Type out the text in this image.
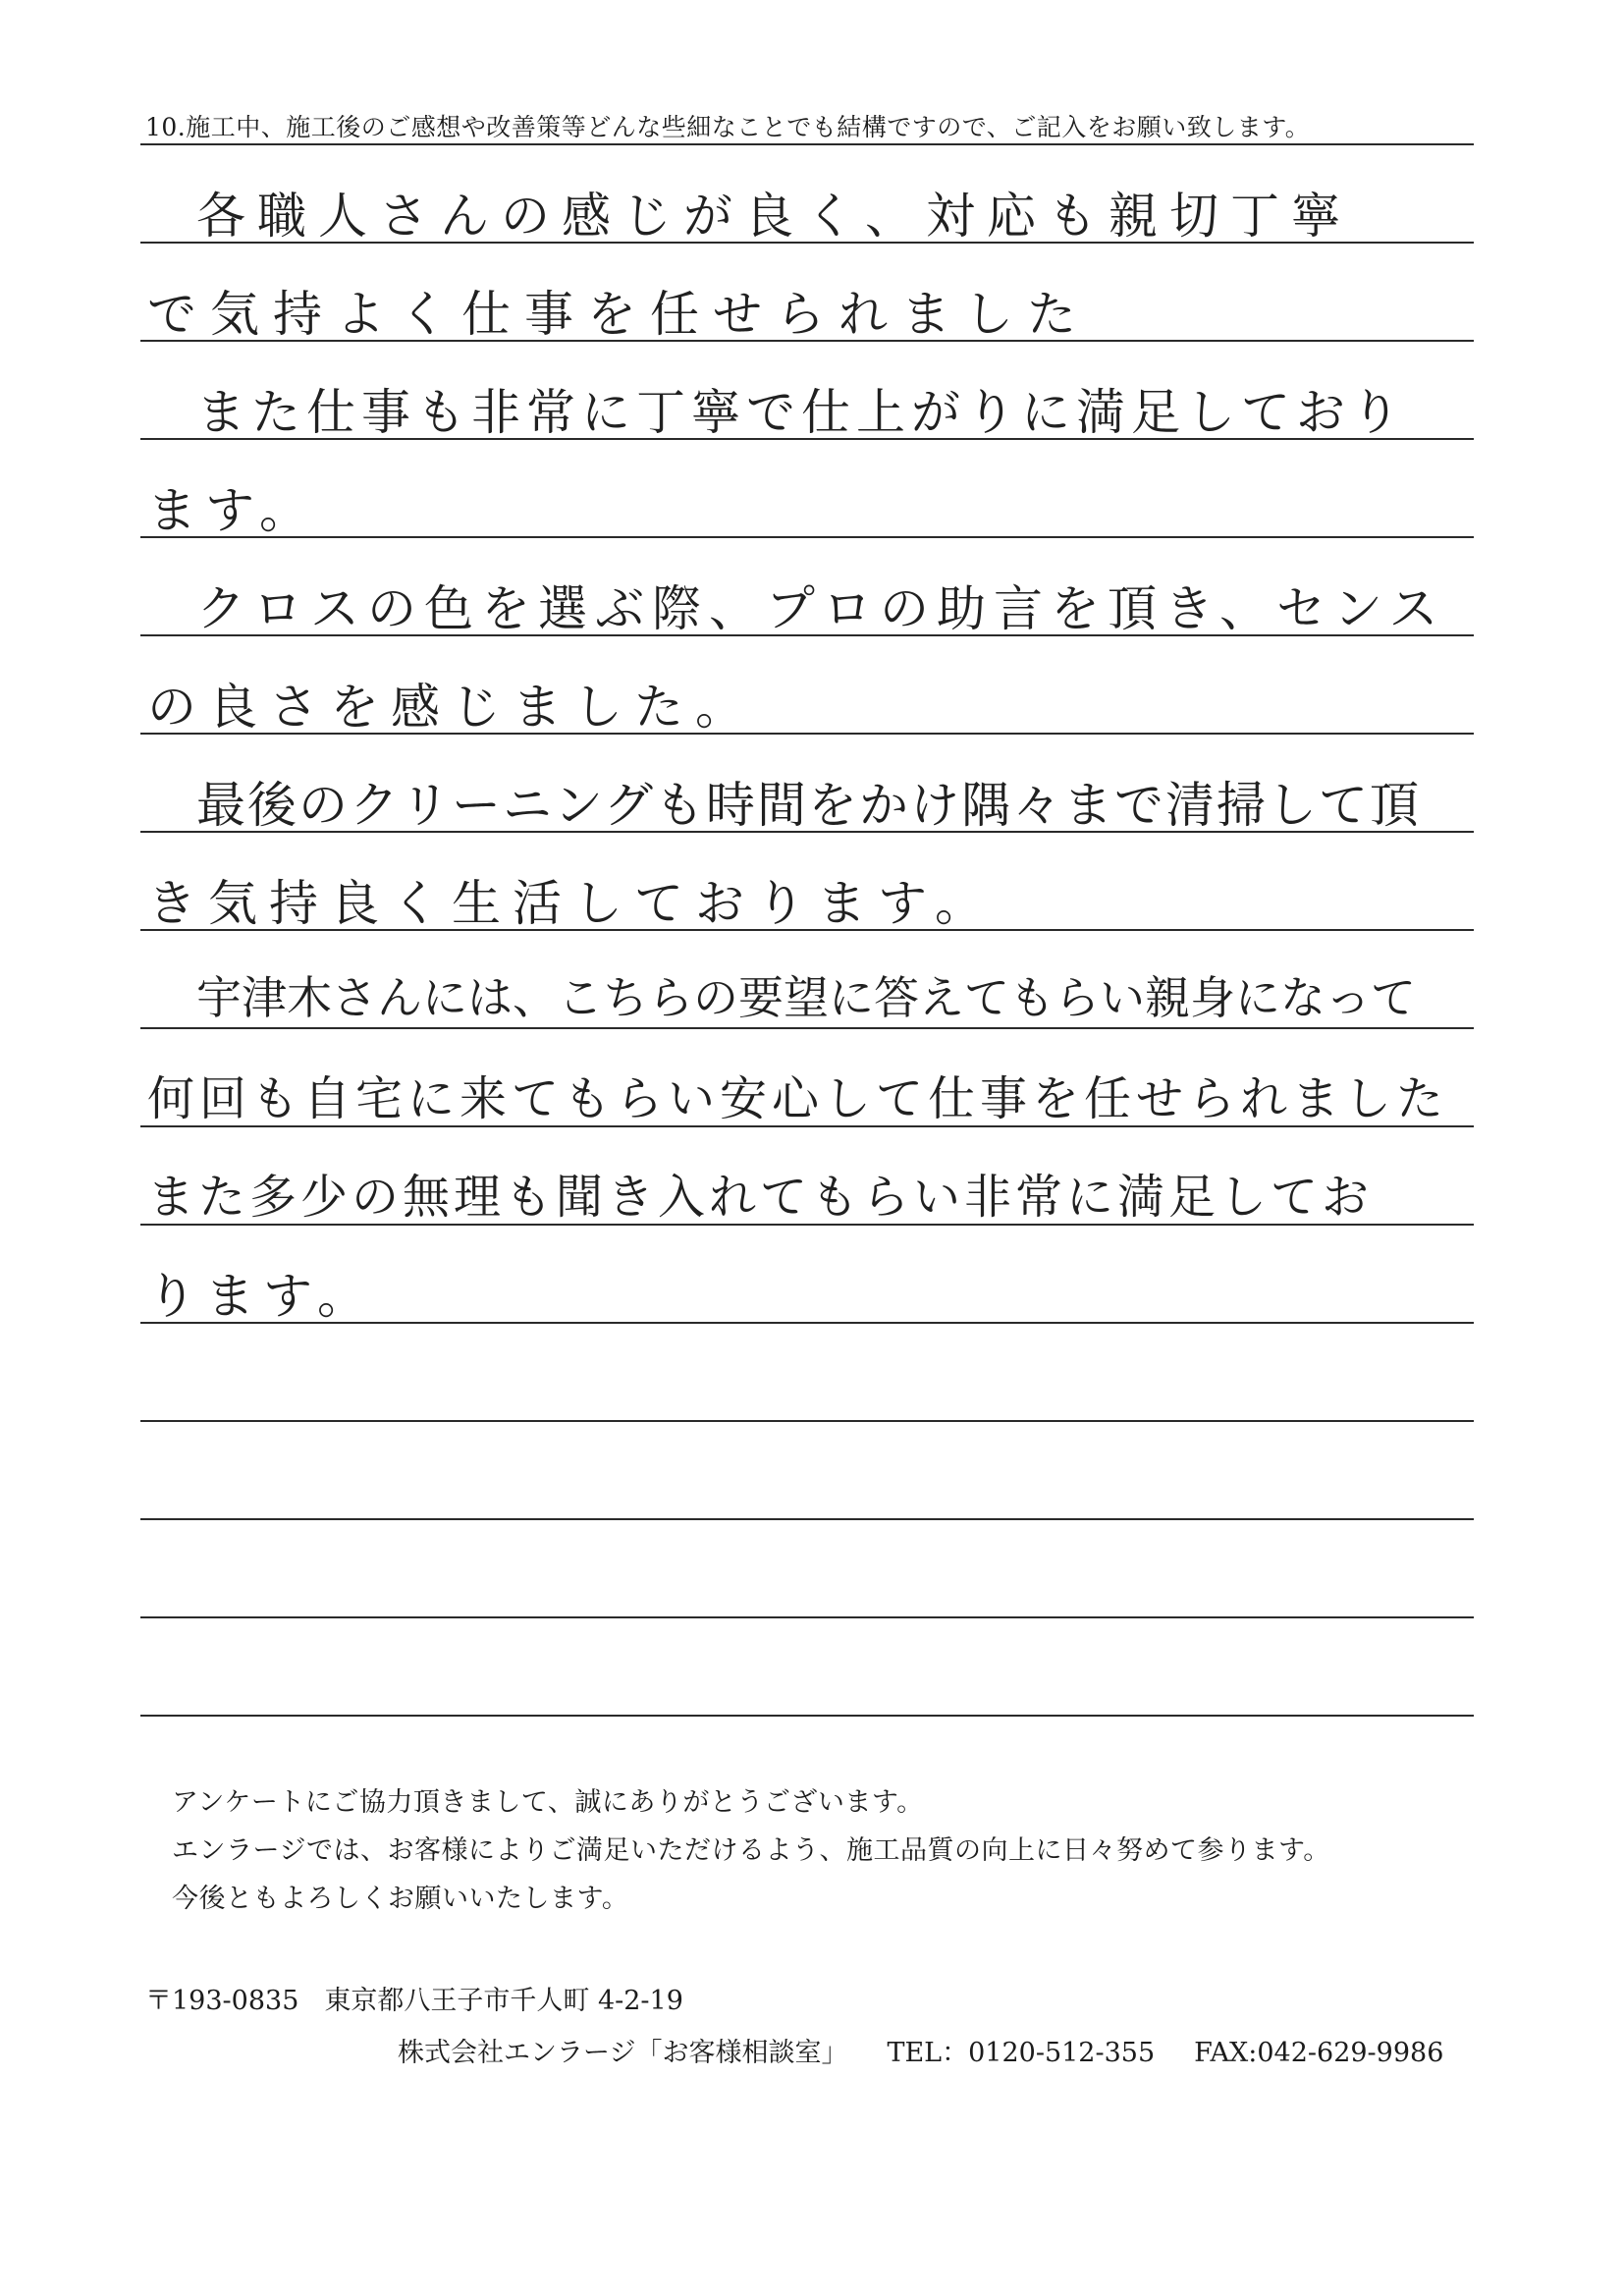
10.施工中、施工後のご感想や改善策等どんな些細なことでも結構ですので、ご記入をお願い致します。
各職人さんの感じが良く、対応も親切丁寧
で気持よく仕事を任せられました
また仕事も非常に丁寧で仕上がりに満足しており
ます。
クロスの色を選ぶ際、プロの助言を頂き、センス
の良さを感じました。
最後のクリーニングも時間をかけ隅々まで清掃して頂
き気持良く生活しております。
宇津木さんには、こちらの要望に答えてもらい親身になって
何回も自宅に来てもらい安心して仕事を任せられました
また多少の無理も聞き入れてもらい非常に満足してお
ります。
アンケートにご協力頂きまして、誠にありがとうございます。
エンラージでは、お客様によりご満足いただけるよう、施工品質の向上に日々努めて参ります。
今後ともよろしくお願いいたします。
〒193-0835 東京都八王子市千人町 4-2-19
株式会社エンラージ「お客様相談室」 TEL：0120-512-355 FAX:042-629-9986
